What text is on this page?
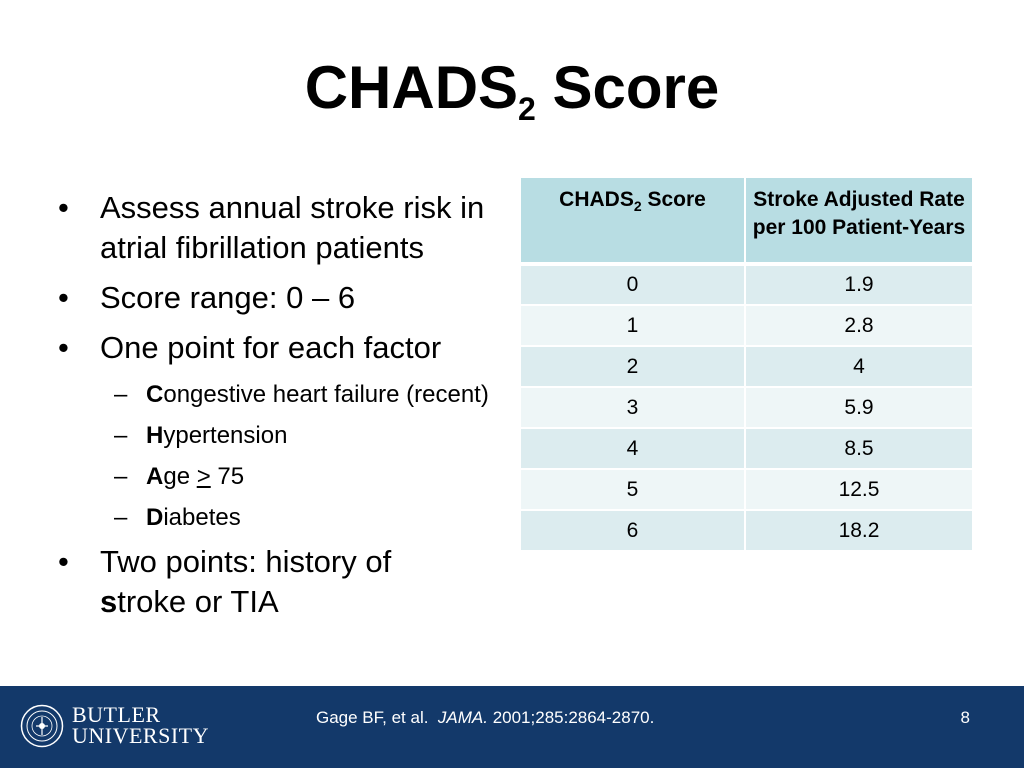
$CHADS_2$ Score
• Assess annual stroke risk in atrial fibrillation patients
• Score range: 0 – 6
• One point for each factor
– Congestive heart failure (recent)
– Hypertension
– Age ≥ 75
– Diabetes
• Two points: history of
stroke or TIA
$CHADS_2$ Score	Stroke Adjusted Rate per 100 Patient-Years
0	1.9
1	2.8
2	4
3	5.9
4	8.5
5	12.5
6	18.2
BUTLER
UNIVERSITY
Gage BF, et al. JAMA. 2001;285:2864-2870.	8
